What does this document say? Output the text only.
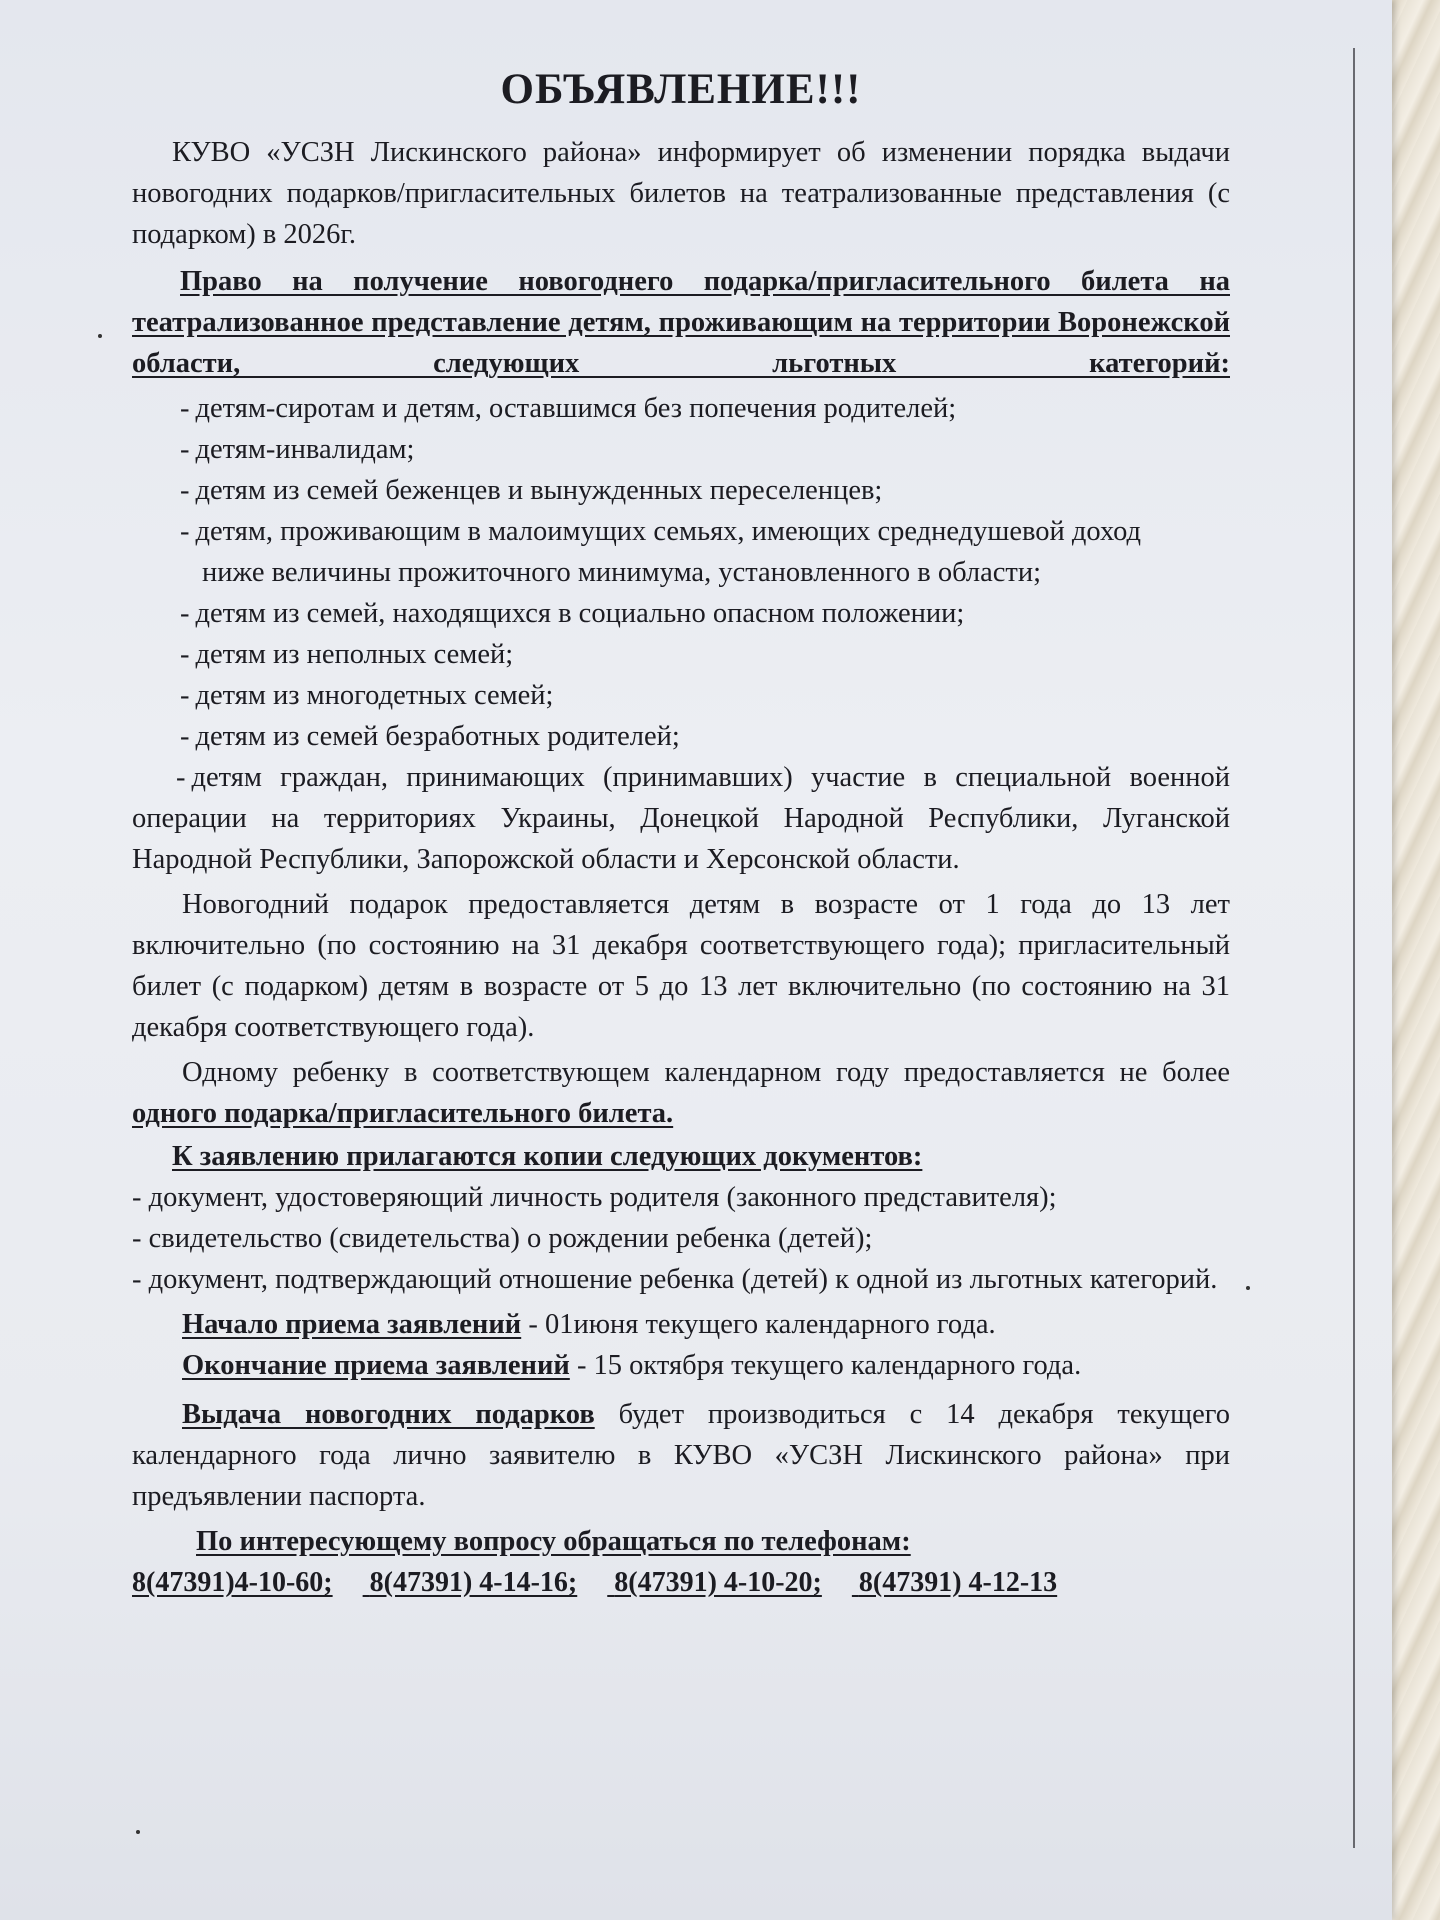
ОБЪЯВЛЕНИЕ!!!

КУВО «УСЗН Лискинского района» информирует об изменении порядка выдачи новогодних подарков/пригласительных билетов на театрализованные представления (с подарком) в 2026г.

Право на получение новогоднего подарка/пригласительного билета на театрализованное представление детям, проживающим на территории Воронежской области, следующих льготных категорий:

- детям-сиротам и детям, оставшимся без попечения родителей;
- детям-инвалидам;
- детям из семей беженцев и вынужденных переселенцев;
- детям, проживающим в малоимущих семьях, имеющих среднедушевой доход ниже величины прожиточного минимума, установленного в области;
- детям из семей, находящихся в социально опасном положении;
- детям из неполных семей;
- детям из многодетных семей;
- детям из семей безработных родителей;

- детям граждан, принимающих (принимавших) участие в специальной военной операции на территориях Украины, Донецкой Народной Республики, Луганской Народной Республики, Запорожской области и Херсонской области.

Новогодний подарок предоставляется детям в возрасте от 1 года до 13 лет включительно (по состоянию на 31 декабря соответствующего года); пригласительный билет (с подарком) детям в возрасте от 5 до 13 лет включительно (по состоянию на 31 декабря соответствующего года).

Одному ребенку в соответствующем календарном году предоставляется не более одного подарка/пригласительного билета.

К заявлению прилагаются копии следующих документов:

- документ, удостоверяющий личность родителя (законного представителя);

- свидетельство (свидетельства) о рождении ребенка (детей);

- документ, подтверждающий отношение ребенка (детей) к одной из льготных категорий.

Начало приема заявлений - 01июня текущего календарного года.

Окончание приема заявлений - 15 октября текущего календарного года.

Выдача новогодних подарков будет производиться с 14 декабря текущего календарного года лично заявителю в КУВО «УСЗН Лискинского района» при предъявлении паспорта.

По интересующему вопросу обращаться по телефонам:

8(47391)4-10-60; 8(47391) 4-14-16; 8(47391) 4-10-20; 8(47391) 4-12-13
